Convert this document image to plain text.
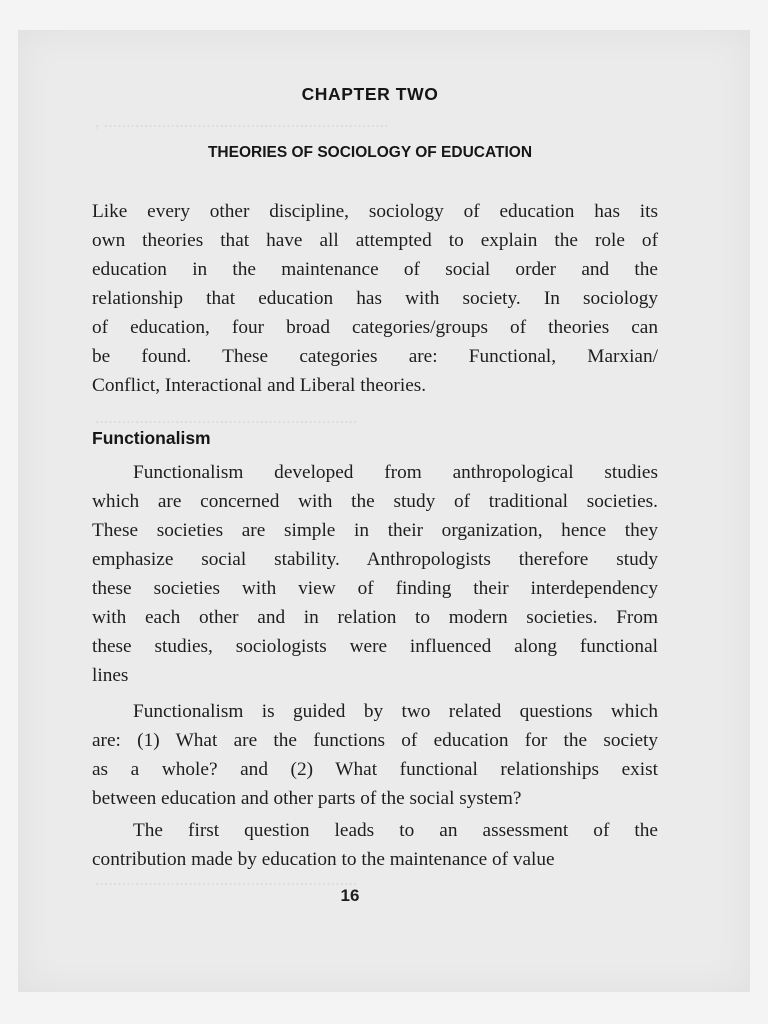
, ................................................................
...........................................................
...........................................................
CHAPTER TWO
THEORIES OF SOCIOLOGY OF EDUCATION
Like every other discipline, sociology of education has its
own theories that have all attempted to explain the role of
education in the maintenance of social order and the
relationship that education has with society. In sociology
of education, four broad categories/groups of theories can
be found. These categories are: Functional, Marxian/
Conflict, Interactional and Liberal theories.
Functionalism
Functionalism developed from anthropological studies
which are concerned with the study of traditional societies.
These societies are simple in their organization, hence they
emphasize social stability. Anthropologists therefore study
these societies with view of finding their interdependency
with each other and in relation to modern societies. From
these studies, sociologists were influenced along functional
lines
Functionalism is guided by two related questions which
are: (1) What are the functions of education for the society
as a whole? and (2) What functional relationships exist
between education and other parts of the social system?
The first question leads to an assessment of the
contribution made by education to the maintenance of value
16
